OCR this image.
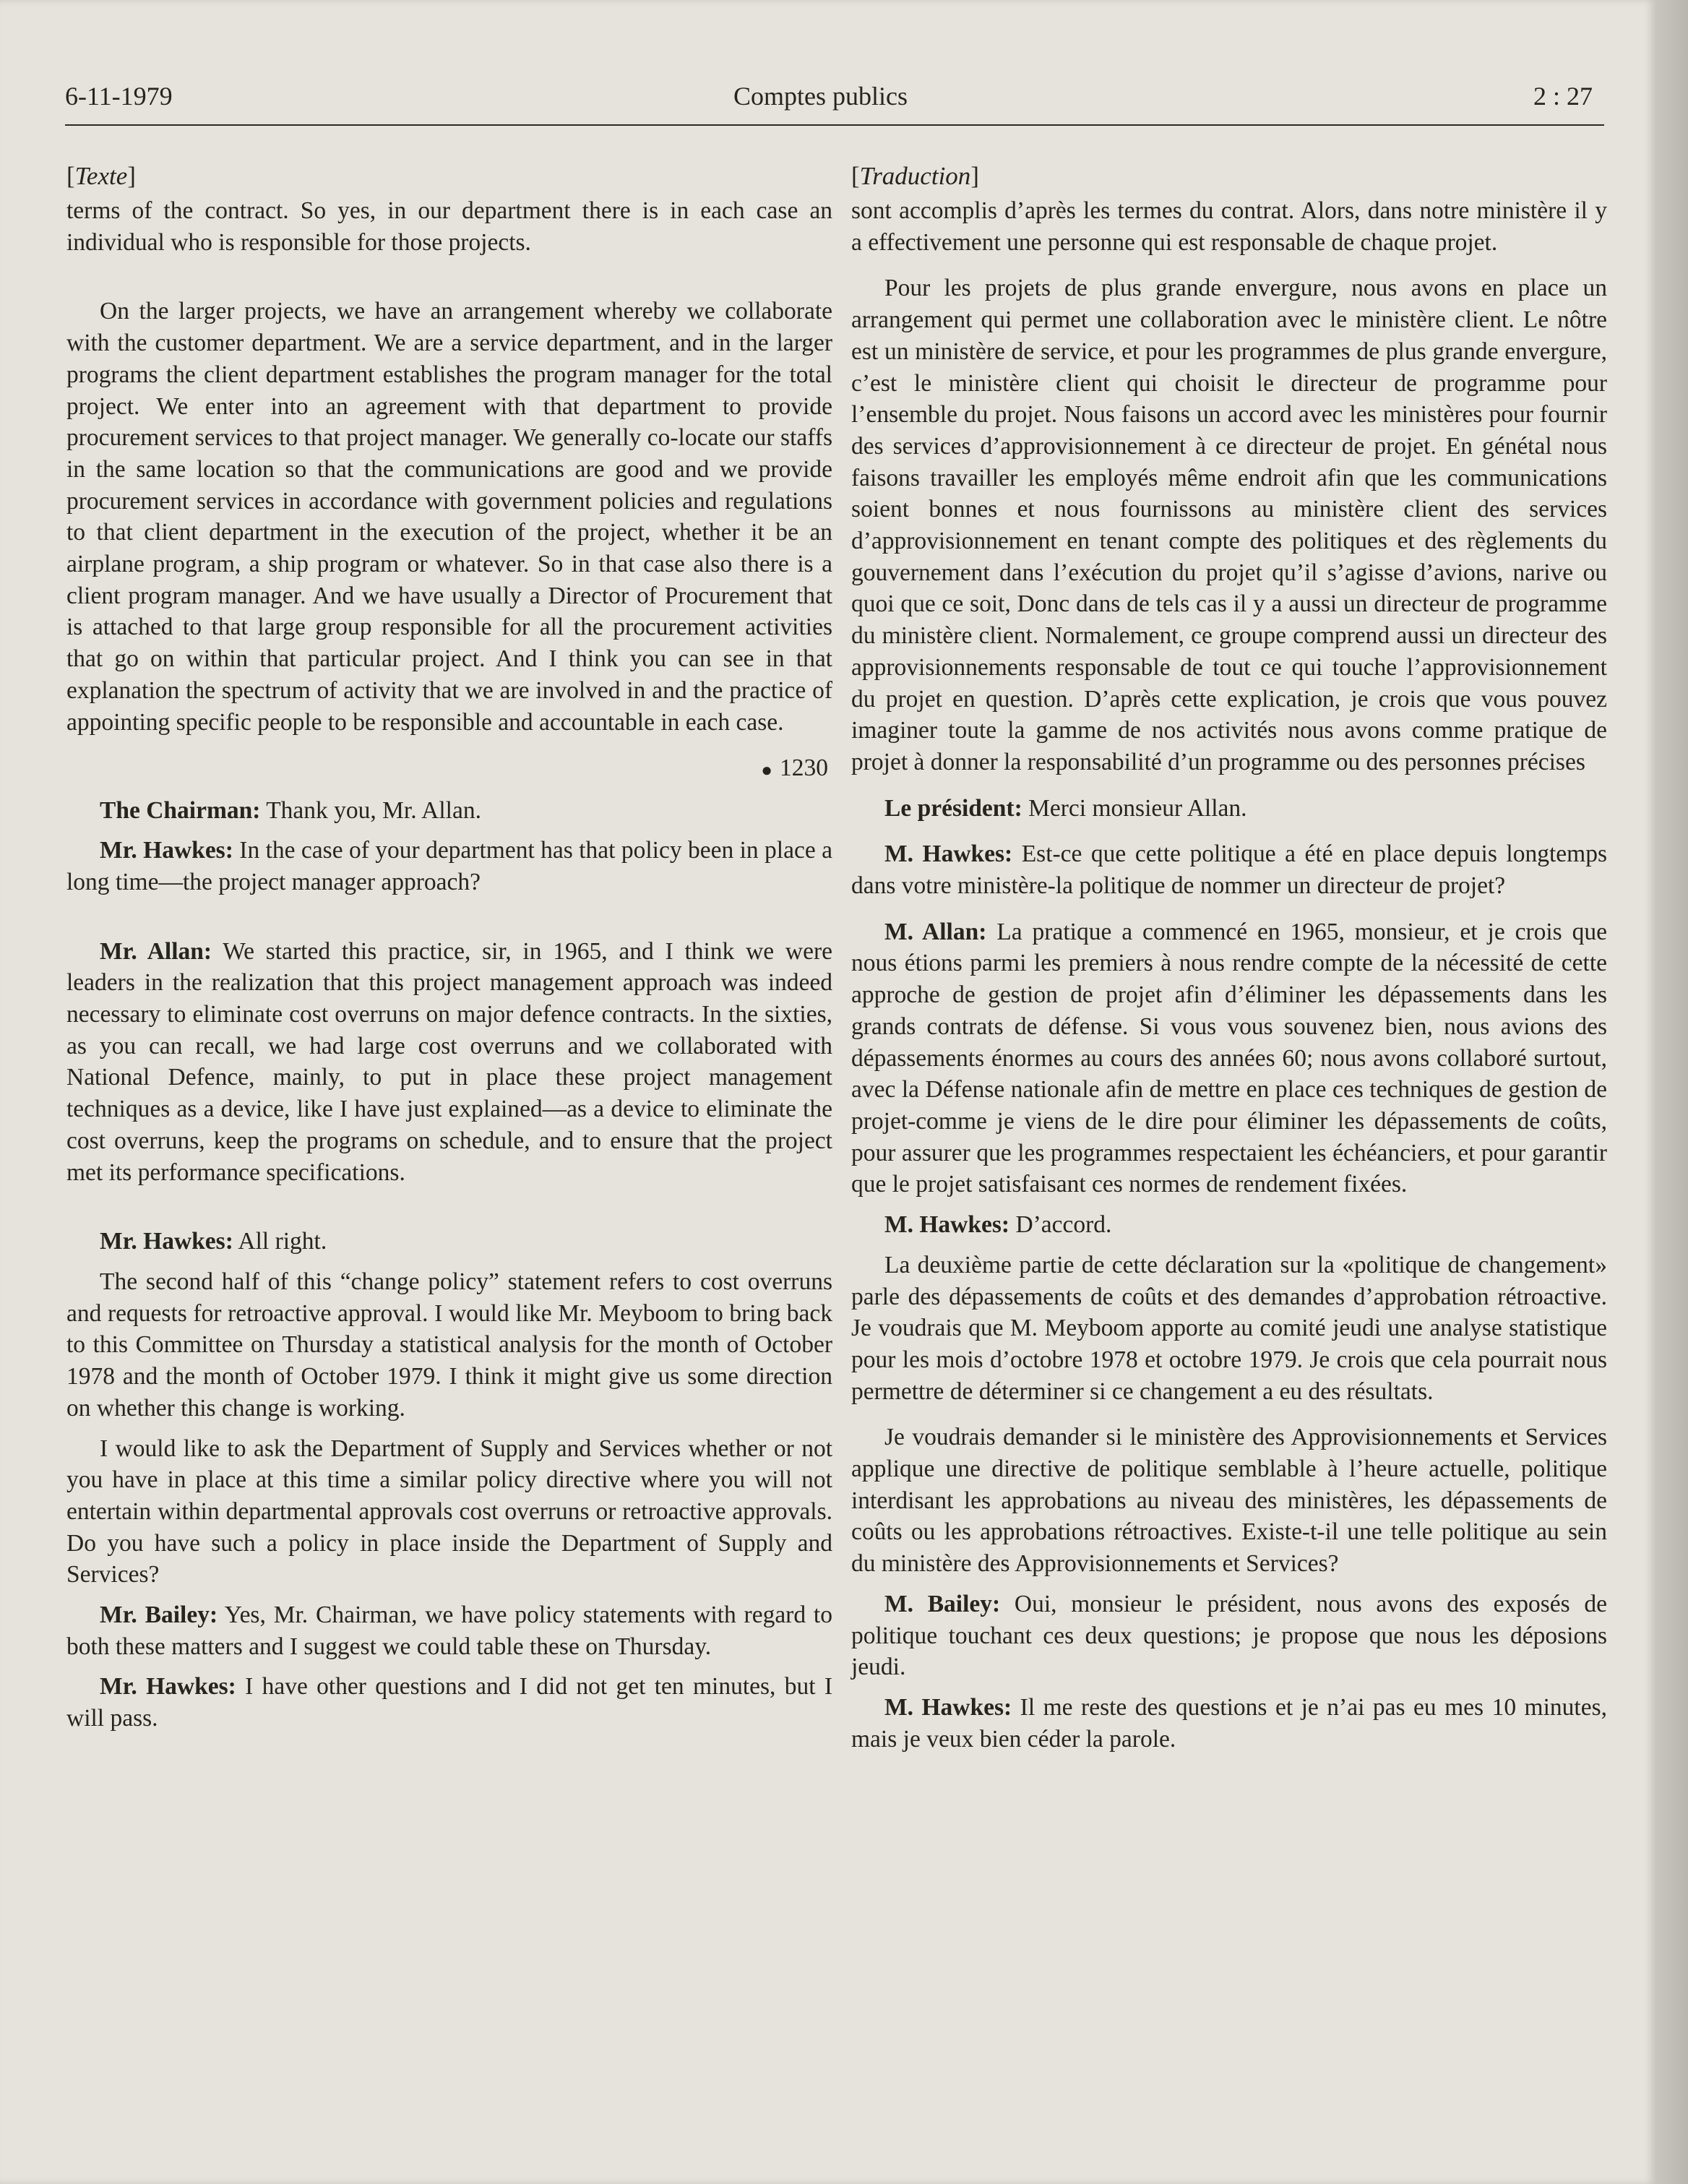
6-11-1979	Comptes publics	2 : 27
[Texte]

terms of the contract. So yes, in our department there is in each case an individual who is responsible for those projects.

On the larger projects, we have an arrangement whereby we collaborate with the customer department. We are a service department, and in the larger programs the client department establishes the program manager for the total project. We enter into an agreement with that department to provide procurement services to that project manager. We generally co-locate our staffs in the same location so that the communications are good and we provide procurement services in accordance with government policies and regulations to that client department in the execution of the project, whether it be an airplane program, a ship program or whatever. So in that case also there is a client program manager. And we have usually a Director of Procurement that is attached to that large group responsible for all the procurement activities that go on within that particular project. And I think you can see in that explanation the spectrum of activity that we are involved in and the practice of appointing specific people to be responsible and accountable in each case.

● 1230

The Chairman: Thank you, Mr. Allan.

Mr. Hawkes: In the case of your department has that policy been in place a long time—the project manager approach?

Mr. Allan: We started this practice, sir, in 1965, and I think we were leaders in the realization that this project management approach was indeed necessary to eliminate cost overruns on major defence contracts. In the sixties, as you can recall, we had large cost overruns and we collaborated with National Defence, mainly, to put in place these project management techniques as a device, like I have just explained—as a device to eliminate the cost overruns, keep the programs on schedule, and to ensure that the project met its performance specifications.

Mr. Hawkes: All right.

The second half of this “change policy” statement refers to cost overruns and requests for retroactive approval. I would like Mr. Meyboom to bring back to this Committee on Thursday a statistical analysis for the month of October 1978 and the month of October 1979. I think it might give us some direction on whether this change is working.

I would like to ask the Department of Supply and Services whether or not you have in place at this time a similar policy directive where you will not entertain within departmental approvals cost overruns or retroactive approvals. Do you have such a policy in place inside the Department of Supply and Services?

Mr. Bailey: Yes, Mr. Chairman, we have policy statements with regard to both these matters and I suggest we could table these on Thursday.

Mr. Hawkes: I have other questions and I did not get ten minutes, but I will pass.

[Traduction]

sont accomplis d’après les termes du contrat. Alors, dans notre ministère il y a effectivement une personne qui est responsable de chaque projet.

Pour les projets de plus grande envergure, nous avons en place un arrangement qui permet une collaboration avec le ministère client. Le nôtre est un ministère de service, et pour les programmes de plus grande envergure, c’est le ministère client qui choisit le directeur de programme pour l’ensemble du projet. Nous faisons un accord avec les ministères pour fournir des services d’approvisionnement à ce directeur de projet. En génétal nous faisons travailler les employés même endroit afin que les communications soient bonnes et nous fournissons au ministère client des services d’approvisionnement en tenant compte des politiques et des règlements du gouvernement dans l’exécution du projet qu’il s’agisse d’avions, narive ou quoi que ce soit, Donc dans de tels cas il y a aussi un directeur de programme du ministère client. Normalement, ce groupe comprend aussi un directeur des approvisionnements responsable de tout ce qui touche l’approvisionnement du projet en question. D’après cette explication, je crois que vous pouvez imaginer toute la gamme de nos activités nous avons comme pratique de projet à donner la responsabilité d’un programme ou des personnes précises

Le président: Merci monsieur Allan.

M. Hawkes: Est-ce que cette politique a été en place depuis longtemps dans votre ministère-la politique de nommer un directeur de projet?

M. Allan: La pratique a commencé en 1965, monsieur, et je crois que nous étions parmi les premiers à nous rendre compte de la nécessité de cette approche de gestion de projet afin d’éliminer les dépassements dans les grands contrats de défense. Si vous vous souvenez bien, nous avions des dépassements énormes au cours des années 60; nous avons collaboré surtout, avec la Défense nationale afin de mettre en place ces techniques de gestion de projet-comme je viens de le dire pour éliminer les dépassements de coûts, pour assurer que les programmes respectaient les échéanciers, et pour garantir que le projet satisfaisant ces normes de rendement fixées.

M. Hawkes: D’accord.

La deuxième partie de cette déclaration sur la «politique de changement» parle des dépassements de coûts et des demandes d’approbation rétroactive. Je voudrais que M. Meyboom apporte au comité jeudi une analyse statistique pour les mois d’octobre 1978 et octobre 1979. Je crois que cela pourrait nous permettre de déterminer si ce changement a eu des résultats.

Je voudrais demander si le ministère des Approvisionnements et Services applique une directive de politique semblable à l’heure actuelle, politique interdisant les approbations au niveau des ministères, les dépassements de coûts ou les approbations rétroactives. Existe-t-il une telle politique au sein du ministère des Approvisionnements et Services?

M. Bailey: Oui, monsieur le président, nous avons des exposés de politique touchant ces deux questions; je propose que nous les déposions jeudi.

M. Hawkes: Il me reste des questions et je n’ai pas eu mes 10 minutes, mais je veux bien céder la parole.
